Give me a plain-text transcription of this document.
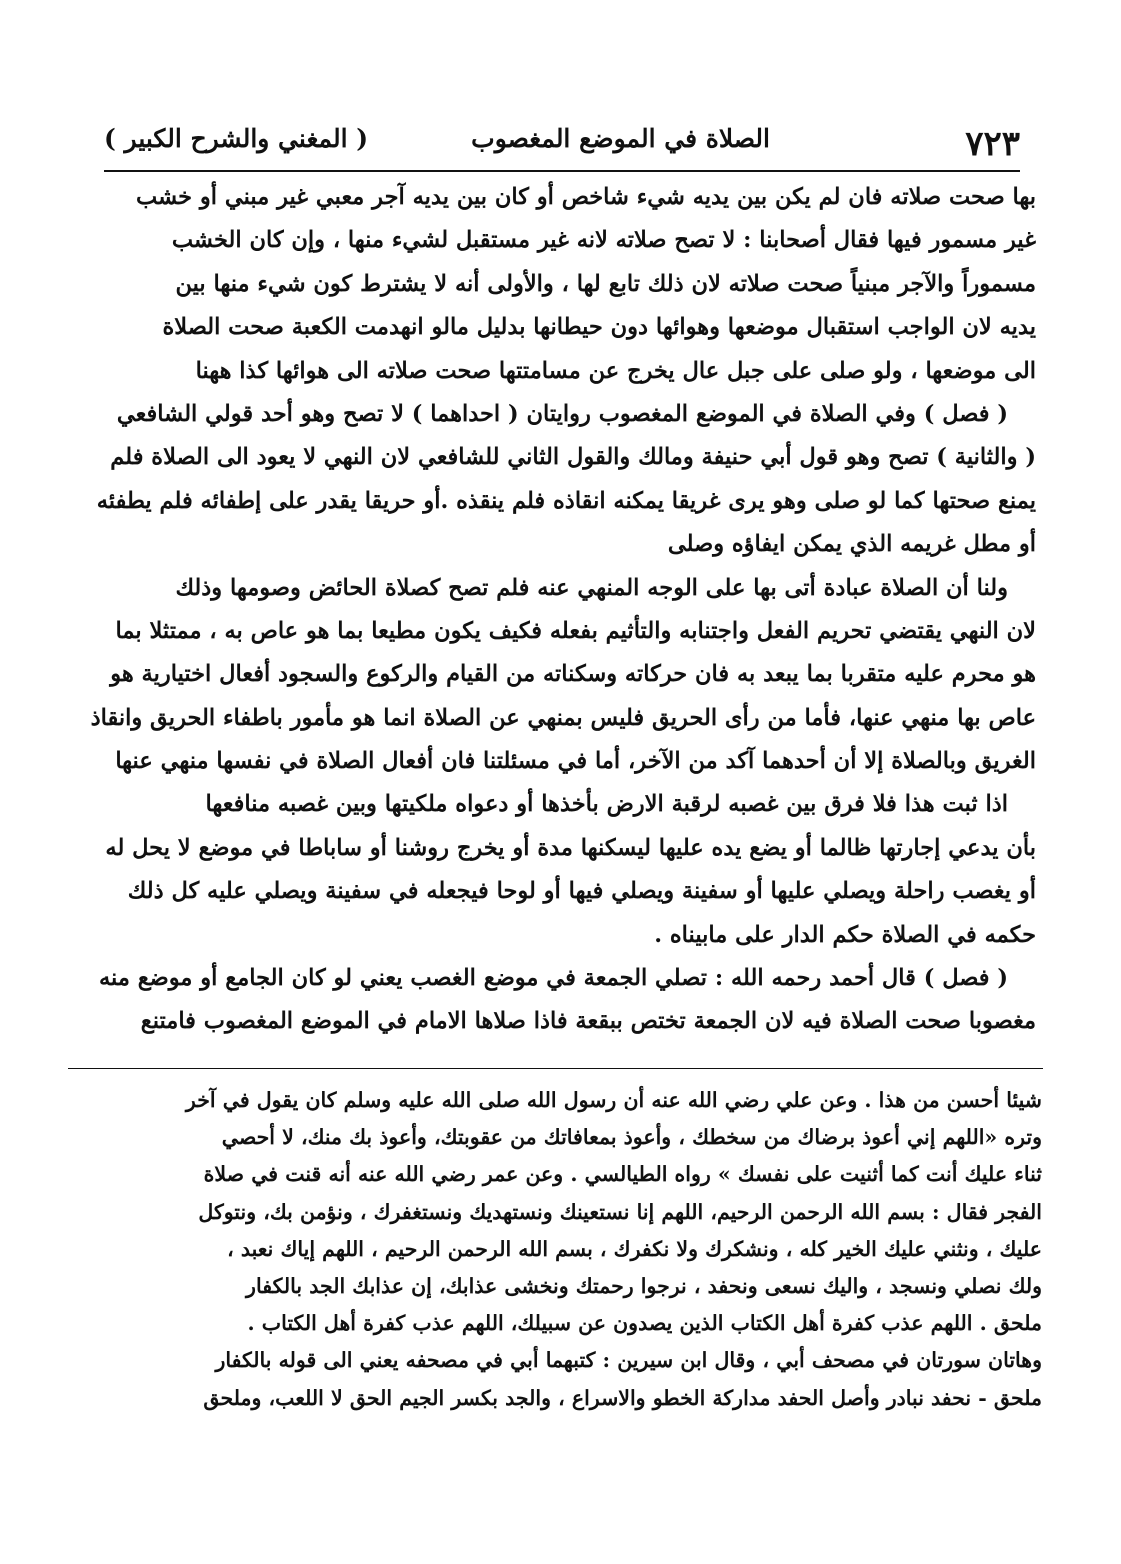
٧٢٣
الصلاة في الموضع المغصوب
( المغني والشرح الكبير )
بها صحت صلاته فان لم يكن بين يديه شيء شاخص أو كان بين يديه آجر معبي غير مبني أو خشب
غير مسمور فيها فقال أصحابنا : لا تصح صلاته لانه غير مستقبل لشيء منها ، وإن كان الخشب
مسموراً والآجر مبنياً صحت صلاته لان ذلك تابع لها ، والأولى أنه لا يشترط كون شيء منها بين
يديه لان الواجب استقبال موضعها وهوائها دون حيطانها بدليل مالو انهدمت الكعبة صحت الصلاة
الى موضعها ، ولو صلى على جبل عال يخرج عن مسامتتها صحت صلاته الى هوائها كذا ههنا
( فصل ) وفي الصلاة في الموضع المغصوب روايتان ( احداهما ) لا تصح وهو أحد قولي الشافعي
( والثانية ) تصح وهو قول أبي حنيفة ومالك والقول الثاني للشافعي لان النهي لا يعود الى الصلاة فلم
يمنع صحتها كما لو صلى وهو يرى غريقا يمكنه انقاذه فلم ينقذه .أو حريقا يقدر على إطفائه فلم يطفئه
أو مطل غريمه الذي يمكن ايفاؤه وصلى
ولنا أن الصلاة عبادة أتى بها على الوجه المنهي عنه فلم تصح كصلاة الحائض وصومها وذلك
لان النهي يقتضي تحريم الفعل واجتنابه والتأثيم بفعله فكيف يكون مطيعا بما هو عاص به ، ممتثلا بما
هو محرم عليه متقربا بما يبعد به فان حركاته وسكناته من القيام والركوع والسجود أفعال اختيارية هو
عاص بها منهي عنها، فأما من رأى الحريق فليس بمنهي عن الصلاة انما هو مأمور باطفاء الحريق وانقاذ
الغريق وبالصلاة إلا أن أحدهما آكد من الآخر، أما في مسئلتنا فان أفعال الصلاة في نفسها منهي عنها
اذا ثبت هذا فلا فرق بين غصبه لرقبة الارض بأخذها أو دعواه ملكيتها وبين غصبه منافعها
بأن يدعي إجارتها ظالما أو يضع يده عليها ليسكنها مدة أو يخرج روشنا أو ساباطا في موضع لا يحل له
أو يغصب راحلة ويصلي عليها أو سفينة ويصلي فيها أو لوحا فيجعله في سفينة ويصلي عليه كل ذلك
حكمه في الصلاة حكم الدار على مابيناه .
( فصل ) قال أحمد رحمه الله : تصلي الجمعة في موضع الغصب يعني لو كان الجامع أو موضع منه
مغصوبا صحت الصلاة فيه لان الجمعة تختص ببقعة فاذا صلاها الامام في الموضع المغصوب فامتنع
شيئا أحسن من هذا . وعن علي رضي الله عنه أن رسول الله صلى الله عليه وسلم كان يقول في آخر
وتره «اللهم إني أعوذ برضاك من سخطك ، وأعوذ بمعافاتك من عقوبتك، وأعوذ بك منك، لا أحصي
ثناء عليك أنت كما أثنيت على نفسك » رواه الطيالسي . وعن عمر رضي الله عنه أنه قنت في صلاة
الفجر فقال : بسم الله الرحمن الرحيم، اللهم إنا نستعينك ونستهديك ونستغفرك ، ونؤمن بك، ونتوكل
عليك ، ونثني عليك الخير كله ، ونشكرك ولا نكفرك ، بسم الله الرحمن الرحيم ، اللهم إياك نعبد ،
ولك نصلي ونسجد ، واليك نسعى ونحفد ، نرجوا رحمتك ونخشى عذابك، إن عذابك الجد بالكفار
ملحق . اللهم عذب كفرة أهل الكتاب الذين يصدون عن سبيلك، اللهم عذب كفرة أهل الكتاب .
وهاتان سورتان في مصحف أبي ، وقال ابن سيرين : كتبهما أبي في مصحفه يعني الى قوله بالكفار
ملحق - نحفد نبادر وأصل الحفد مداركة الخطو والاسراع ، والجد بكسر الجيم الحق لا اللعب، وملحق
